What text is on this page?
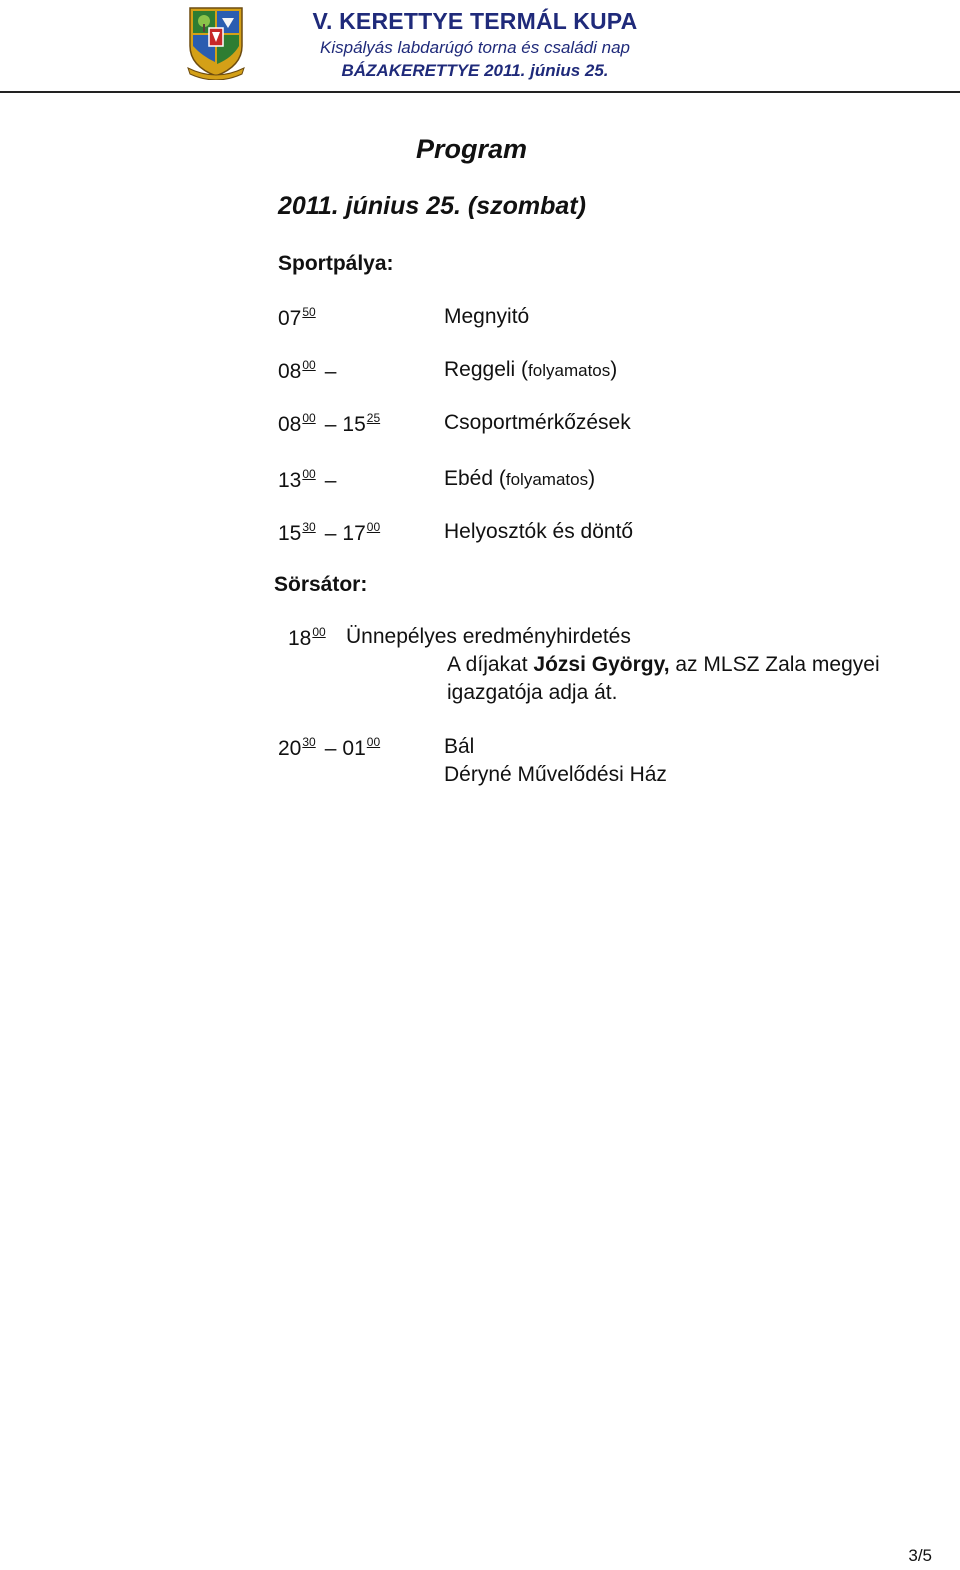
V. KERETTYE TERMÁL KUPA
Kispályás labdarúgó torna és családi nap
BÁZAKERETTYE 2011. június 25.
Program
2011. június 25. (szombat)
Sportpálya:
$07^{50}$	Megnyitó
$08^{00}$ –	Reggeli (folyamatos)
$08^{00} - 15^{25}$	Csoportmérkőzések
$13^{00}$ –	Ebéd (folyamatos)
$15^{30} - 17^{00}$	Helyosztók és döntő
Sörsátor:
$18^{00}$ Ünnepélyes eredményhirdetés
A díjakat Józsi György, az MLSZ Zala megyei
igazgatója adja át.
$20^{30} - 01^{00}$	Bál
Déryné Művelődési Ház
3/5
